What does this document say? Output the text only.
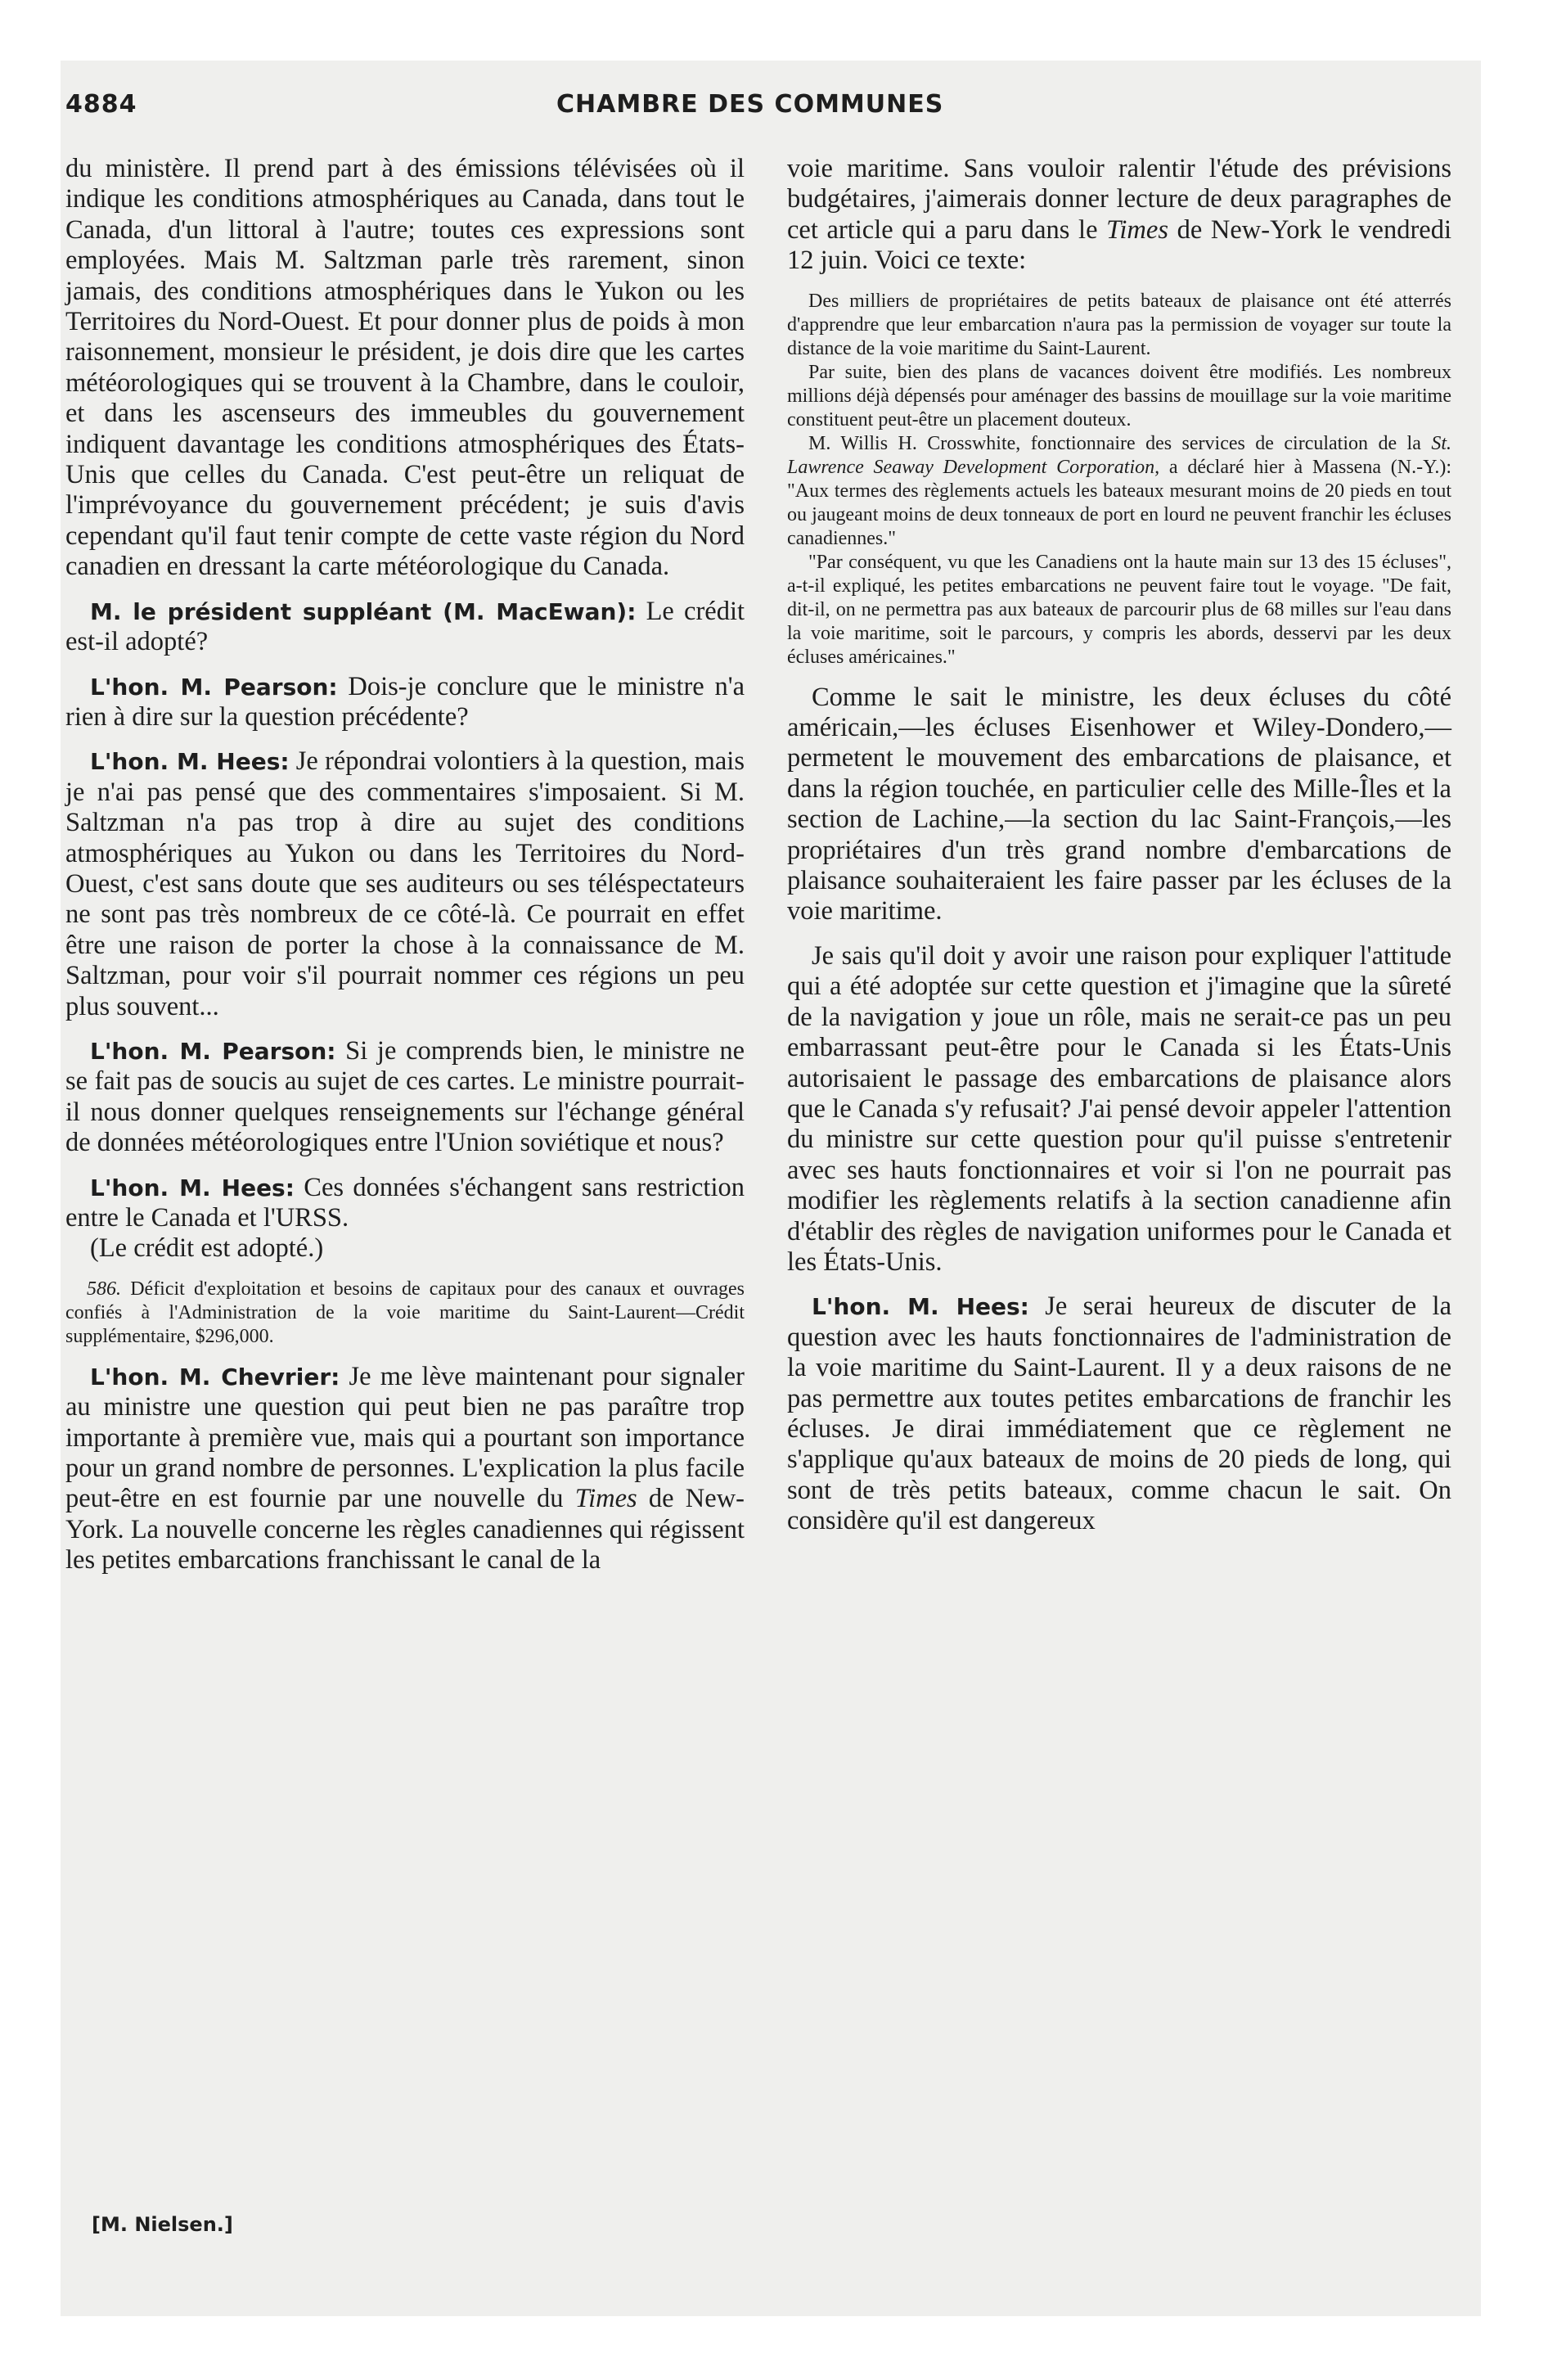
4884	CHAMBRE DES COMMUNES

du ministère. Il prend part à des émissions télévisées où il indique les conditions atmosphériques au Canada, dans tout le Canada, d'un littoral à l'autre; toutes ces expressions sont employées. Mais M. Saltzman parle très rarement, sinon jamais, des conditions atmosphériques dans le Yukon ou les Territoires du Nord-Ouest. Et pour donner plus de poids à mon raisonnement, monsieur le président, je dois dire que les cartes météorologiques qui se trouvent à la Chambre, dans le couloir, et dans les ascenseurs des immeubles du gouvernement indiquent davantage les conditions atmosphériques des États-Unis que celles du Canada. C'est peut-être un reliquat de l'imprévoyance du gouvernement précédent; je suis d'avis cependant qu'il faut tenir compte de cette vaste région du Nord canadien en dressant la carte météorologique du Canada.

M. le président suppléant (M. MacEwan): Le crédit est-il adopté?

L'hon. M. Pearson: Dois-je conclure que le ministre n'a rien à dire sur la question précédente?

L'hon. M. Hees: Je répondrai volontiers à la question, mais je n'ai pas pensé que des commentaires s'imposaient. Si M. Saltzman n'a pas trop à dire au sujet des conditions atmosphériques au Yukon ou dans les Territoires du Nord-Ouest, c'est sans doute que ses auditeurs ou ses téléspectateurs ne sont pas très nombreux de ce côté-là. Ce pourrait en effet être une raison de porter la chose à la connaissance de M. Saltzman, pour voir s'il pourrait nommer ces régions un peu plus souvent...

L'hon. M. Pearson: Si je comprends bien, le ministre ne se fait pas de soucis au sujet de ces cartes. Le ministre pourrait-il nous donner quelques renseignements sur l'échange général de données météorologiques entre l'Union soviétique et nous?

L'hon. M. Hees: Ces données s'échangent sans restriction entre le Canada et l'URSS.

(Le crédit est adopté.)

586. Déficit d'exploitation et besoins de capitaux pour des canaux et ouvrages confiés à l'Administration de la voie maritime du Saint-Laurent—Crédit supplémentaire, $296,000.

L'hon. M. Chevrier: Je me lève maintenant pour signaler au ministre une question qui peut bien ne pas paraître trop importante à première vue, mais qui a pourtant son importance pour un grand nombre de personnes. L'explication la plus facile peut-être en est fournie par une nouvelle du Times de New-York. La nouvelle concerne les règles canadiennes qui régissent les petites embarcations franchissant le canal de la

voie maritime. Sans vouloir ralentir l'étude des prévisions budgétaires, j'aimerais donner lecture de deux paragraphes de cet article qui a paru dans le Times de New-York le vendredi 12 juin. Voici ce texte:

Des milliers de propriétaires de petits bateaux de plaisance ont été atterrés d'apprendre que leur embarcation n'aura pas la permission de voyager sur toute la distance de la voie maritime du Saint-Laurent.

Par suite, bien des plans de vacances doivent être modifiés. Les nombreux millions déjà dépensés pour aménager des bassins de mouillage sur la voie maritime constituent peut-être un placement douteux.

M. Willis H. Crosswhite, fonctionnaire des services de circulation de la St. Lawrence Seaway Development Corporation, a déclaré hier à Massena (N.-Y.): "Aux termes des règlements actuels les bateaux mesurant moins de 20 pieds en tout ou jaugeant moins de deux tonneaux de port en lourd ne peuvent franchir les écluses canadiennes."

"Par conséquent, vu que les Canadiens ont la haute main sur 13 des 15 écluses", a-t-il expliqué, les petites embarcations ne peuvent faire tout le voyage. "De fait, dit-il, on ne permettra pas aux bateaux de parcourir plus de 68 milles sur l'eau dans la voie maritime, soit le parcours, y compris les abords, desservi par les deux écluses américaines."

Comme le sait le ministre, les deux écluses du côté américain,—les écluses Eisenhower et Wiley-Dondero,—permetent le mouvement des embarcations de plaisance, et dans la région touchée, en particulier celle des Mille-Îles et la section de Lachine,—la section du lac Saint-François,—les propriétaires d'un très grand nombre d'embarcations de plaisance souhaiteraient les faire passer par les écluses de la voie maritime.

Je sais qu'il doit y avoir une raison pour expliquer l'attitude qui a été adoptée sur cette question et j'imagine que la sûreté de la navigation y joue un rôle, mais ne serait-ce pas un peu embarrassant peut-être pour le Canada si les États-Unis autorisaient le passage des embarcations de plaisance alors que le Canada s'y refusait? J'ai pensé devoir appeler l'attention du ministre sur cette question pour qu'il puisse s'entretenir avec ses hauts fonctionnaires et voir si l'on ne pourrait pas modifier les règlements relatifs à la section canadienne afin d'établir des règles de navigation uniformes pour le Canada et les États-Unis.

L'hon. M. Hees: Je serai heureux de discuter de la question avec les hauts fonctionnaires de l'administration de la voie maritime du Saint-Laurent. Il y a deux raisons de ne pas permettre aux toutes petites embarcations de franchir les écluses. Je dirai immédiatement que ce règlement ne s'applique qu'aux bateaux de moins de 20 pieds de long, qui sont de très petits bateaux, comme chacun le sait. On considère qu'il est dangereux

[M. Nielsen.]
